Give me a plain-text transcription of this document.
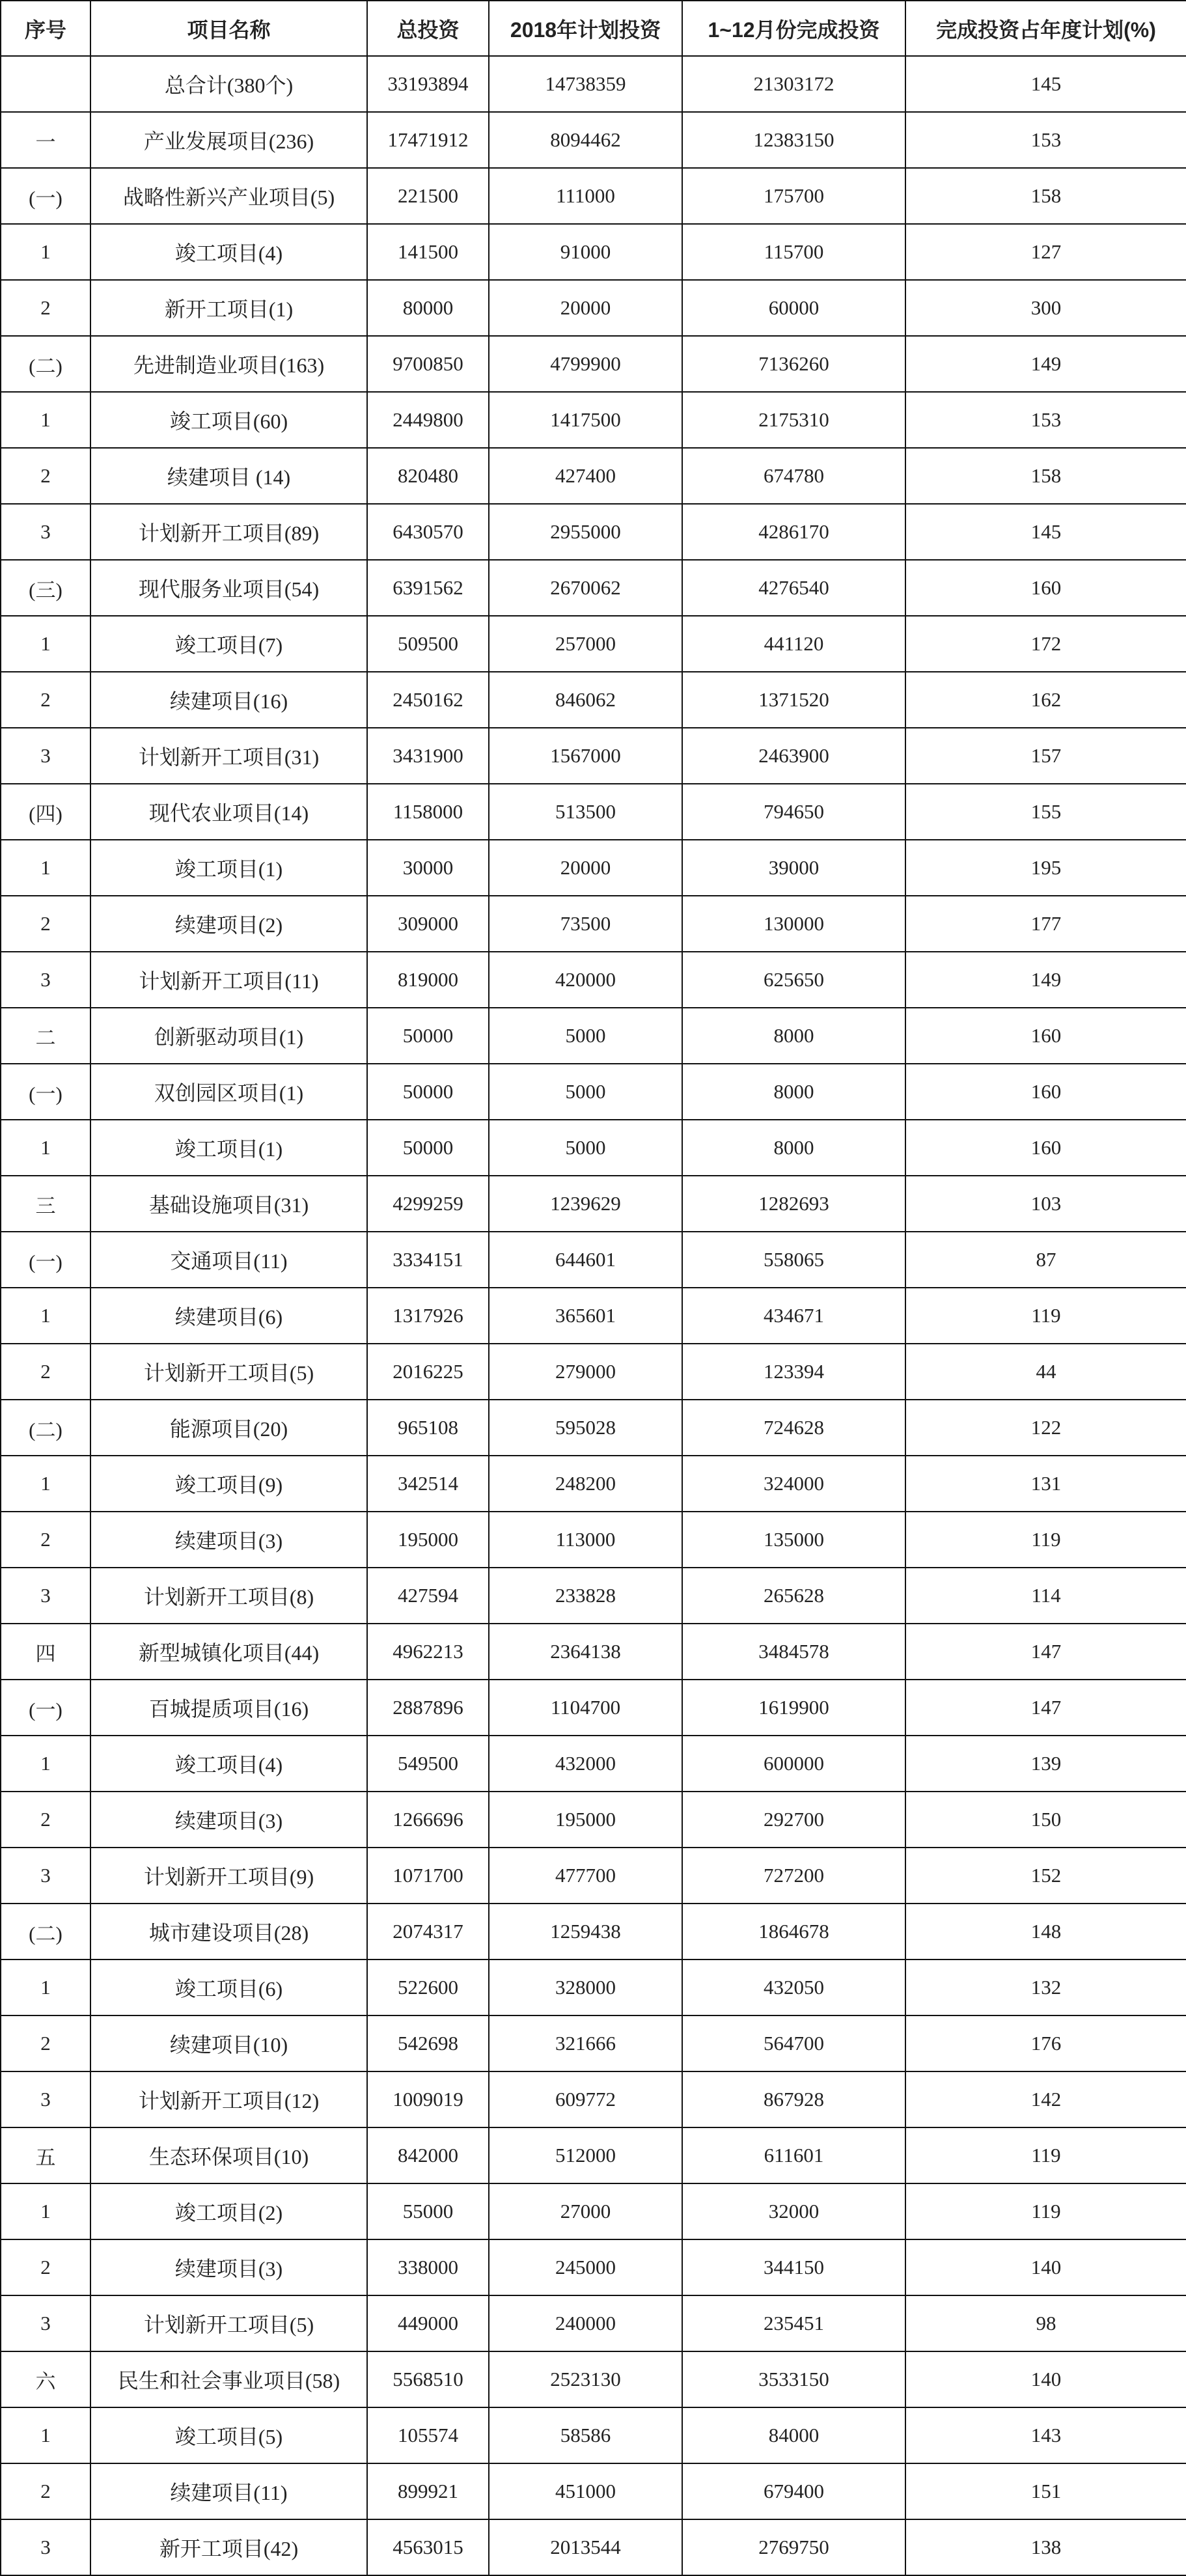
序号	项目名称	总投资	2018年计划投资	1~12月份完成投资	完成投资占年度计划(%)
	总合计(380个)	33193894	14738359	21303172	145
一	产业发展项目(236)	17471912	8094462	12383150	153
(一)	战略性新兴产业项目(5)	221500	111000	175700	158
1	竣工项目(4)	141500	91000	115700	127
2	新开工项目(1)	80000	20000	60000	300
(二)	先进制造业项目(163)	9700850	4799900	7136260	149
1	竣工项目(60)	2449800	1417500	2175310	153
2	续建项目 (14)	820480	427400	674780	158
3	计划新开工项目(89)	6430570	2955000	4286170	145
(三)	现代服务业项目(54)	6391562	2670062	4276540	160
1	竣工项目(7)	509500	257000	441120	172
2	续建项目(16)	2450162	846062	1371520	162
3	计划新开工项目(31)	3431900	1567000	2463900	157
(四)	现代农业项目(14)	1158000	513500	794650	155
1	竣工项目(1)	30000	20000	39000	195
2	续建项目(2)	309000	73500	130000	177
3	计划新开工项目(11)	819000	420000	625650	149
二	创新驱动项目(1)	50000	5000	8000	160
(一)	双创园区项目(1)	50000	5000	8000	160
1	竣工项目(1)	50000	5000	8000	160
三	基础设施项目(31)	4299259	1239629	1282693	103
(一)	交通项目(11)	3334151	644601	558065	87
1	续建项目(6)	1317926	365601	434671	119
2	计划新开工项目(5)	2016225	279000	123394	44
(二)	能源项目(20)	965108	595028	724628	122
1	竣工项目(9)	342514	248200	324000	131
2	续建项目(3)	195000	113000	135000	119
3	计划新开工项目(8)	427594	233828	265628	114
四	新型城镇化项目(44)	4962213	2364138	3484578	147
(一)	百城提质项目(16)	2887896	1104700	1619900	147
1	竣工项目(4)	549500	432000	600000	139
2	续建项目(3)	1266696	195000	292700	150
3	计划新开工项目(9)	1071700	477700	727200	152
(二)	城市建设项目(28)	2074317	1259438	1864678	148
1	竣工项目(6)	522600	328000	432050	132
2	续建项目(10)	542698	321666	564700	176
3	计划新开工项目(12)	1009019	609772	867928	142
五	生态环保项目(10)	842000	512000	611601	119
1	竣工项目(2)	55000	27000	32000	119
2	续建项目(3)	338000	245000	344150	140
3	计划新开工项目(5)	449000	240000	235451	98
六	民生和社会事业项目(58)	5568510	2523130	3533150	140
1	竣工项目(5)	105574	58586	84000	143
2	续建项目(11)	899921	451000	679400	151
3	新开工项目(42)	4563015	2013544	2769750	138
